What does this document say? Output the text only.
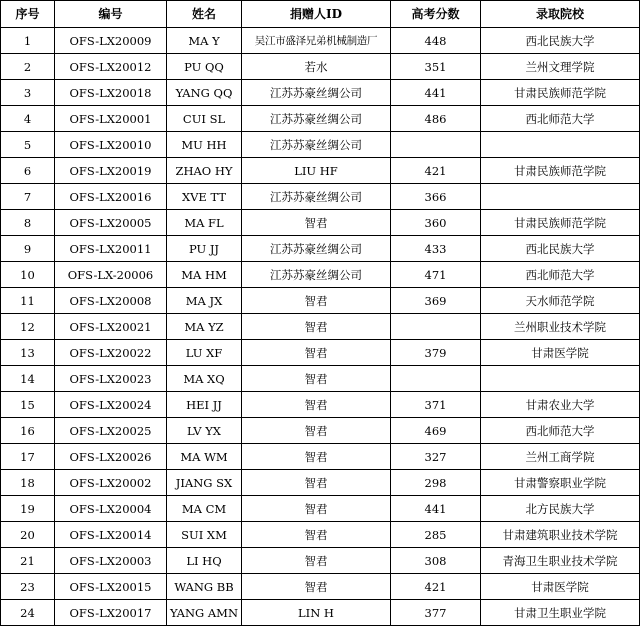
序号	编号	姓名	捐赠人ID	高考分数	录取院校
1	OFS-LX20009	MA Y	吴江市盛泽兄弟机械制造厂	448	西北民族大学
2	OFS-LX20012	PU QQ	若水	351	兰州文理学院
3	OFS-LX20018	YANG QQ	江苏苏豪丝绸公司	441	甘肃民族师范学院
4	OFS-LX20001	CUI SL	江苏苏豪丝绸公司	486	西北师范大学
5	OFS-LX20010	MU HH	江苏苏豪丝绸公司		
6	OFS-LX20019	ZHAO HY	LIU HF	421	甘肃民族师范学院
7	OFS-LX20016	XVE TT	江苏苏豪丝绸公司	366	
8	OFS-LX20005	MA FL	智君	360	甘肃民族师范学院
9	OFS-LX20011	PU JJ	江苏苏豪丝绸公司	433	西北民族大学
10	OFS-LX-20006	MA HM	江苏苏豪丝绸公司	471	西北师范大学
11	OFS-LX20008	MA JX	智君	369	天水师范学院
12	OFS-LX20021	MA YZ	智君		兰州职业技术学院
13	OFS-LX20022	LU XF	智君	379	甘肃医学院
14	OFS-LX20023	MA XQ	智君		
15	OFS-LX20024	HEI JJ	智君	371	甘肃农业大学
16	OFS-LX20025	LV YX	智君	469	西北师范大学
17	OFS-LX20026	MA WM	智君	327	兰州工商学院
18	OFS-LX20002	JIANG SX	智君	298	甘肃警察职业学院
19	OFS-LX20004	MA CM	智君	441	北方民族大学
20	OFS-LX20014	SUI XM	智君	285	甘肃建筑职业技术学院
21	OFS-LX20003	LI HQ	智君	308	青海卫生职业技术学院
23	OFS-LX20015	WANG BB	智君	421	甘肃医学院
24	OFS-LX20017	YANG AMN	LIN H	377	甘肃卫生职业学院
